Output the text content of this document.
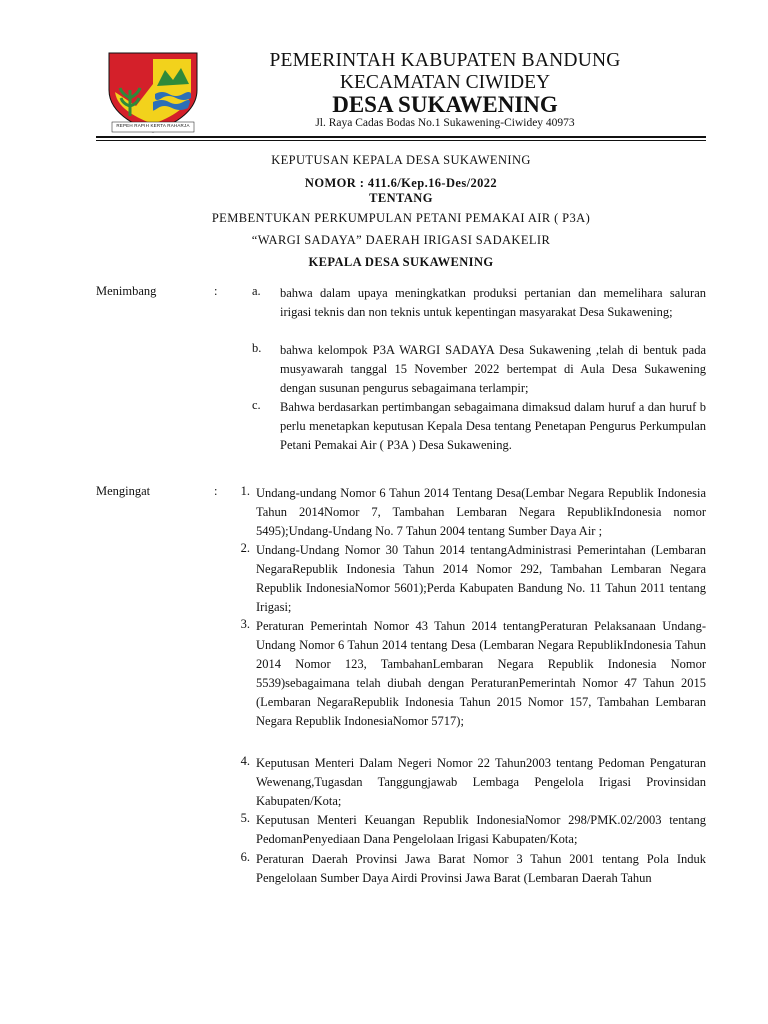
REPEH RAPIH KERTA RAHARJA
PEMERINTAH KABUPATEN BANDUNG
KECAMATAN CIWIDEY
DESA SUKAWENING
Jl. Raya Cadas Bodas No.1 Sukawening-Ciwidey 40973
KEPUTUSAN KEPALA DESA SUKAWENING
NOMOR : 411.6/Kep.16-Des/2022
TENTANG
PEMBENTUKAN PERKUMPULAN PETANI PEMAKAI AIR ( P3A)
“WARGI SADAYA” DAERAH IRIGASI SADAKELIR
KEPALA DESA SUKAWENING
Menimbang	:	a.	bahwa dalam upaya meningkatkan produksi pertanian dan memelihara saluran irigasi teknis dan non teknis untuk kepentingan masyarakat Desa Sukawening;
b.	bahwa kelompok P3A WARGI SADAYA Desa Sukawening ,telah di bentuk pada musyawarah tanggal 15 November 2022 bertempat di Aula Desa Sukawening dengan susunan pengurus sebagaimana terlampir;
c.	Bahwa berdasarkan pertimbangan sebagaimana dimaksud dalam huruf a dan huruf b perlu menetapkan keputusan Kepala Desa tentang Penetapan Pengurus Perkumpulan Petani Pemakai Air ( P3A ) Desa Sukawening.
Mengingat	:	1. Undang-undang Nomor 6 Tahun 2014 Tentang Desa(Lembar Negara Republik Indonesia Tahun 2014Nomor 7, Tambahan Lembaran Negara RepublikIndonesia nomor 5495);Undang-Undang No. 7 Tahun 2004 tentang Sumber Daya Air ;
2. Undang-Undang Nomor 30 Tahun 2014 tentangAdministrasi Pemerintahan (Lembaran NegaraRepublik Indonesia Tahun 2014 Nomor 292, Tambahan Lembaran Negara Republik IndonesiaNomor 5601);Perda Kabupaten Bandung No. 11 Tahun 2011 tentang Irigasi;
3. Peraturan Pemerintah Nomor 43 Tahun 2014 tentangPeraturan Pelaksanaan Undang-Undang Nomor 6 Tahun 2014 tentang Desa (Lembaran Negara RepublikIndonesia Tahun 2014 Nomor 123, TambahanLembaran Negara Republik Indonesia Nomor 5539)sebagaimana telah diubah dengan PeraturanPemerintah Nomor 47 Tahun 2015 (Lembaran NegaraRepublik Indonesia Tahun 2015 Nomor 157, Tambahan Lembaran Negara Republik IndonesiaNomor 5717);
4. Keputusan Menteri Dalam Negeri Nomor 22 Tahun2003 tentang Pedoman Pengaturan Wewenang,Tugasdan Tanggungjawab Lembaga Pengelola Irigasi Provinsidan Kabupaten/Kota;
5. Keputusan Menteri Keuangan Republik IndonesiaNomor 298/PMK.02/2003 tentang PedomanPenyediaan Dana Pengelolaan Irigasi Kabupaten/Kota;
6. Peraturan Daerah Provinsi Jawa Barat Nomor 3 Tahun 2001 tentang Pola Induk Pengelolaan Sumber Daya Airdi Provinsi Jawa Barat (Lembaran Daerah Tahun
